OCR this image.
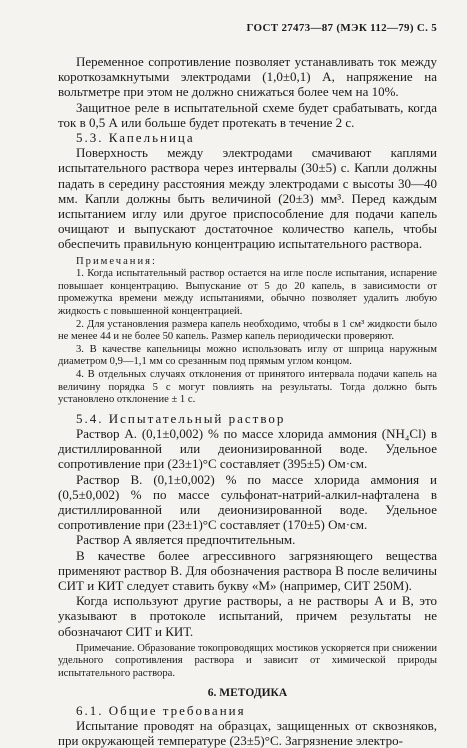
ГОСТ 27473—87 (МЭК 112—79) С. 5

Переменное сопротивление позволяет устанавливать ток между короткозамкнутыми электродами (1,0±0,1) А, напряжение на вольтметре при этом не должно снижаться более чем на 10%.

Защитное реле в испытательной схеме будет срабатывать, когда ток в 0,5 А или больше будет протекать в течение 2 с.

5.3. Капельница

Поверхность между электродами смачивают каплями испытательного раствора через интервалы (30±5) с. Капли должны падать в середину расстояния между электродами с высоты 30—40 мм. Капли должны быть величиной (20±3) мм³. Перед каждым испытанием иглу или другое приспособление для подачи капель очищают и выпускают достаточное количество капель, чтобы обеспечить правильную концентрацию испытательного раствора.

Примечания:

1. Когда испытательный раствор остается на игле после испытания, испарение повышает концентрацию. Выпускание от 5 до 20 капель, в зависимости от промежутка времени между испытаниями, обычно позволяет удалить любую жидкость с повышенной концентрацией.

2. Для установления размера капель необходимо, чтобы в 1 см³ жидкости было не менее 44 и не более 50 капель. Размер капель периодически проверяют.

3. В качестве капельницы можно использовать иглу от шприца наружным диаметром 0,9—1,1 мм со срезанным под прямым углом концом.

4. В отдельных случаях отклонения от принятого интервала подачи капель на величину порядка 5 с могут повлиять на результаты. Тогда должно быть установлено отклонение ± 1 с.

5.4. Испытательный раствор

Раствор А. (0,1±0,002) % по массе хлорида аммония (NH₄Cl) в дистиллированной или деионизированной воде. Удельное сопротивление при (23±1)°С составляет (395±5) Ом·см.

Раствор В. (0,1±0,002) % по массе хлорида аммония и (0,5±0,002) % по массе сульфонат-натрий-алкил-нафталена в дистиллированной или деионизированной воде. Удельное сопротивление при (23±1)°С составляет (170±5) Ом·см.

Раствор А является предпочтительным.

В качестве более агрессивного загрязняющего вещества применяют раствор В. Для обозначения раствора В после величины СИТ и КИТ следует ставить букву «М» (например, СИТ 250М).

Когда используют другие растворы, а не растворы А и В, это указывают в протоколе испытаний, причем результаты не обозначают СИТ и КИТ.

Примечание. Образование токопроводящих мостиков ускоряется при снижении удельного сопротивления раствора и зависит от химической природы испытательного раствора.

6. МЕТОДИКА

6.1. Общие требования

Испытание проводят на образцах, защищенных от сквозняков, при окружающей температуре (23±5)°С. Загрязнение электро-
